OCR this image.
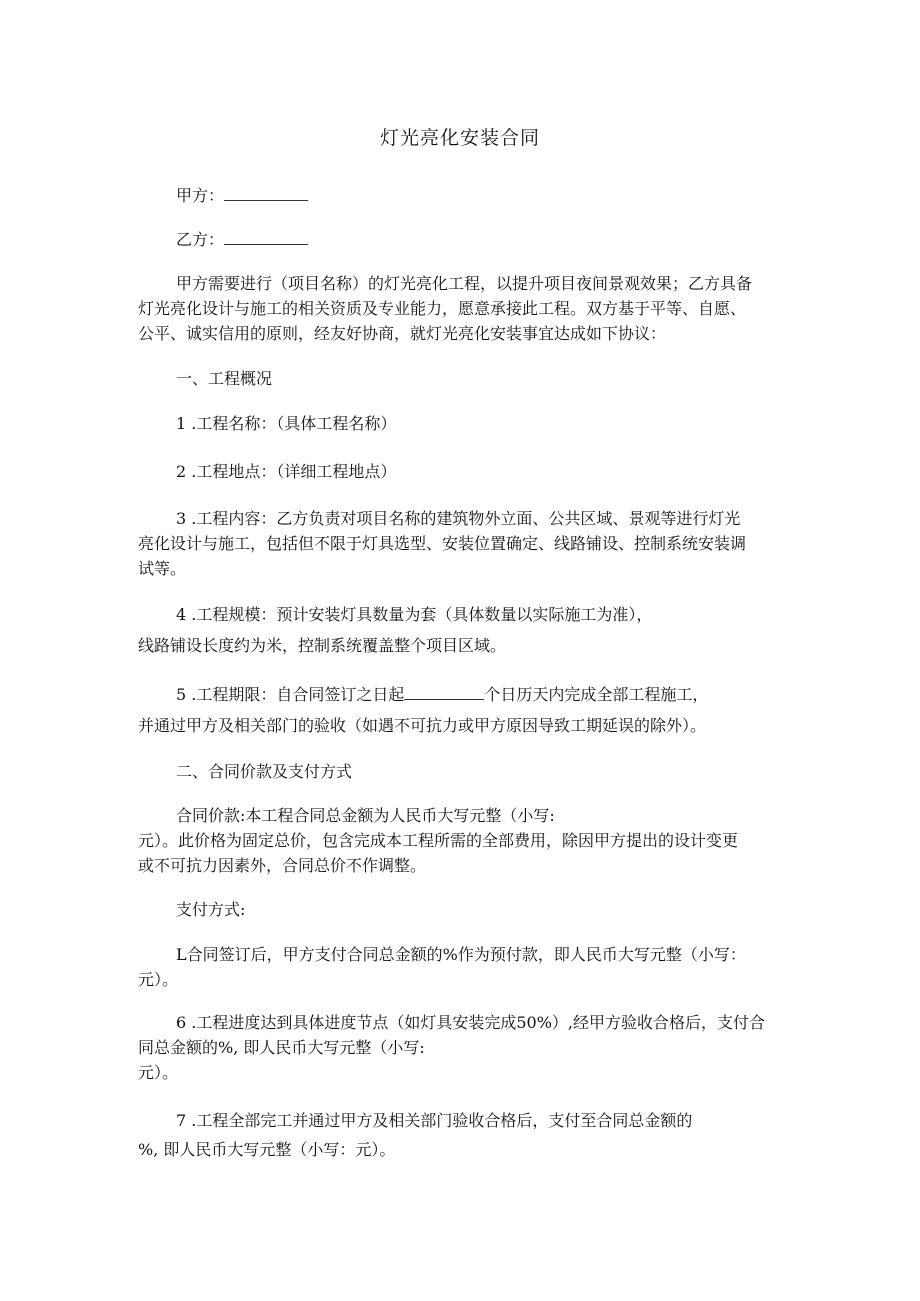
灯光亮化安装合同
甲方：
乙方：
甲方需要进行（项目名称）的灯光亮化工程，以提升项目夜间景观效果；乙方具备
灯光亮化设计与施工的相关资质及专业能力，愿意承接此工程。双方基于平等、自愿、
公平、诚实信用的原则，经友好协商，就灯光亮化安装事宜达成如下协议：
一、工程概况
1 .工程名称：（具体工程名称）
2 .工程地点：（详细工程地点）
3 .工程内容：乙方负责对项目名称的建筑物外立面、公共区域、景观等进行灯光
亮化设计与施工，包括但不限于灯具选型、安装位置确定、线路铺设、控制系统安装调
试等。
4 .工程规模：预计安装灯具数量为套（具体数量以实际施工为准），
线路铺设长度约为米，控制系统覆盖整个项目区域。
5 .工程期限：自合同签订之日起	个日历天内完成全部工程施工，
并通过甲方及相关部门的验收（如遇不可抗力或甲方原因导致工期延误的除外）。
二、合同价款及支付方式
合同价款:本工程合同总金额为人民币大写元整（小写:
元）。此价格为固定总价，包含完成本工程所需的全部费用，除因甲方提出的设计变更
或不可抗力因素外，合同总价不作调整。
支付方式:
L合同签订后，甲方支付合同总金额的%作为预付款，即人民币大写元整（小写：
元）。
6 .工程进度达到具体进度节点（如灯具安装完成50%）,经甲方验收合格后，支付合
同总金额的%, 即人民币大写元整（小写:
元）。
7 .工程全部完工并通过甲方及相关部门验收合格后，支付至合同总金额的
%, 即人民币大写元整（小写：元）。
